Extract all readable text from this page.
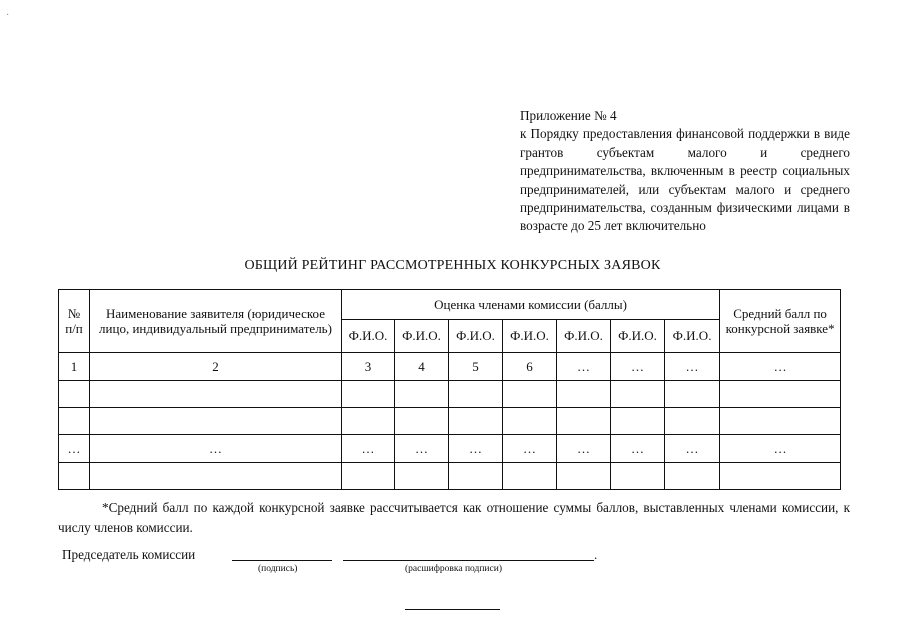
·
Приложение № 4
к Порядку предоставления финансовой поддержки в виде грантов субъектам малого и среднего предпринимательства, включенным в реестр социальных предпринимателей, или субъектам малого и среднего предпринимательства, созданным физическими лицами в возрасте до 25 лет включительно
ОБЩИЙ РЕЙТИНГ РАССМОТРЕННЫХ КОНКУРСНЫХ ЗАЯВОК
№ п/п	Наименование заявителя (юридическое лицо, индивидуальный предприниматель)	Оценка членами комиссии (баллы)							Средний балл по конкурсной заявке*
		Ф.И.О.	Ф.И.О.	Ф.И.О.	Ф.И.О.	Ф.И.О.	Ф.И.О.	Ф.И.О.	
1	2	3	4	5	6	…	…	…	…

…	…	…	…	…	…	…	…	…	…

*Средний балл по каждой конкурсной заявке рассчитывается как отношение суммы баллов, выставленных членами комиссии, к числу членов комиссии.
Председатель комиссии	.
(подпись)	(расшифровка подписи)
